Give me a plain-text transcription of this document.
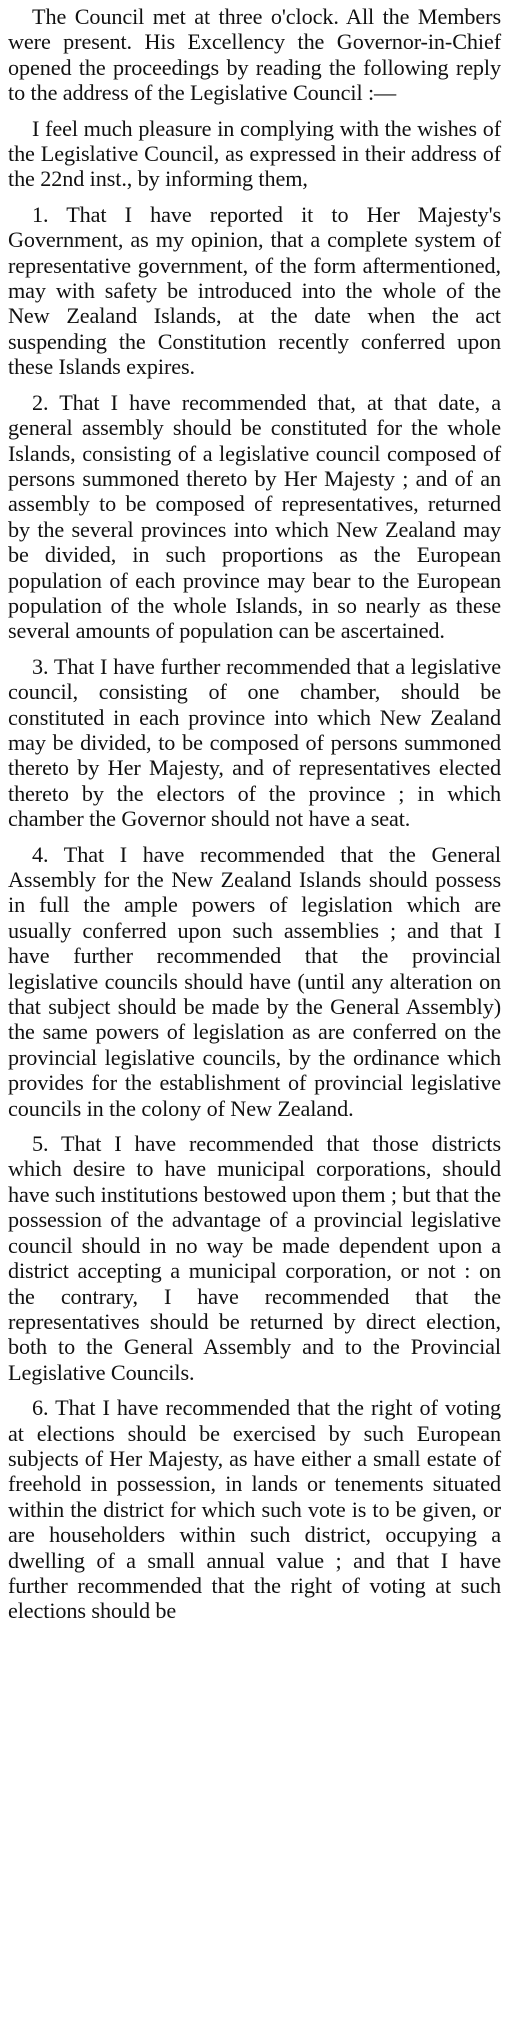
The Council met at three o'clock. All the Members were present. His Excellency the Governor-in-Chief opened the proceedings by reading the following reply to the address of the Legislative Council :—

I feel much pleasure in complying with the wishes of the Legislative Council, as expressed in their address of the 22nd inst., by informing them,

1. That I have reported it to Her Majesty's Government, as my opinion, that a complete system of representative government, of the form aftermentioned, may with safety be introduced into the whole of the New Zealand Islands, at the date when the act suspending the Constitution recently conferred upon these Islands expires.

2. That I have recommended that, at that date, a general assembly should be constituted for the whole Islands, consisting of a legislative council composed of persons summoned thereto by Her Majesty ; and of an assembly to be composed of representatives, returned by the several provinces into which New Zealand may be divided, in such proportions as the European population of each province may bear to the European population of the whole Islands, in so nearly as these several amounts of population can be ascertained.

3. That I have further recommended that a legislative council, consisting of one chamber, should be constituted in each province into which New Zealand may be divided, to be composed of persons summoned thereto by Her Majesty, and of representatives elected thereto by the electors of the province ; in which chamber the Governor should not have a seat.

4. That I have recommended that the General Assembly for the New Zealand Islands should possess in full the ample powers of legislation which are usually conferred upon such assemblies ; and that I have further recommended that the provincial legislative councils should have (until any alteration on that subject should be made by the General Assembly) the same powers of legislation as are conferred on the provincial legislative councils, by the ordinance which provides for the establishment of provincial legislative councils in the colony of New Zealand.

5. That I have recommended that those districts which desire to have municipal corporations, should have such institutions bestowed upon them ; but that the possession of the advantage of a provincial legislative council should in no way be made dependent upon a district accepting a municipal corporation, or not : on the contrary, I have recommended that the representatives should be returned by direct election, both to the General Assembly and to the Provincial Legislative Councils.

6. That I have recommended that the right of voting at elections should be exercised by such European subjects of Her Majesty, as have either a small estate of freehold in possession, in lands or tenements situated within the district for which such vote is to be given, or are householders within such district, occupying a dwelling of a small annual value ; and that I have further recommended that the right of voting at such elections should be
